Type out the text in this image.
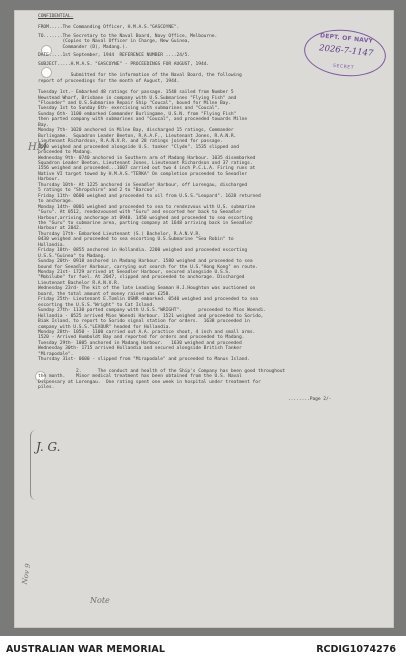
DEPT. OF NAVY
2026-7-1147
SECRET
HM
J. G.
Nov 9
Note

CONFIDENTIAL.

FROM.....The Commanding Officer, H.M.A.S."GASCOYNE".

TO.......The Secretary to the Naval Board, Navy Office, Melbourne.

(Copies to Naval Officer in Charge, New Guinea,

Commander (D), Madang.).

DATE.....1st September, 1944  REFERENCE NUMBER ....24/5.

SUBJECT.....H.M.A.S. "GASCOYNE" - PROCEEDINGS FOR AUGUST, 1944.

Submitted for the information of the Naval Board, the following

report of proceedings for the month of August, 1944.

Tuesday 1st.- Embarked 48 ratings for passage. 1548 sailed from Number 5

Newstead Wharf, Brisbane in company with U.S.Submarines "Flying Fish" and

"Flounder" and U.S.Submarine Repair Ship "Coucal", bound for Milne Bay.

Tuesday 1st to Sunday 6th- exercising with submarines and "Coucal".

Sunday 6th- 1100 embarked Commander Burlingame, U.S.N. from "Flying Fish"

then parted company with submarines and "Coucal", and proceeded towards Milne

Bay.

Monday 7th- 1020 anchored in Milne Bay, discharged 15 ratings, Commander

Burlingame.  Squadron Leader Beeton, R.A.A.F., Lieutenant Jones, R.A.N.R.

Lieutenant Richardson, R.A.N.V.R. and 28 ratings joined for passage.

1500 weighed and proceeded alongside U.S. tanker "Clyde". 1535 slipped and

proceeded to Madang.

Wednesday 9th- 0740 anchored in Southern arm of Madang Harbour. 1035 disembarked

Squadron Leader Beeton, Lieutenant Jones, Lieutenant Richardson and 37 ratings.

1556 weighed and proceeded...1607 carried out two 4 inch P.C.L.A. Firing runs at

Native VI target towed by H.M.A.S."TERKA" On completion proceeded to Seeadler

Harbour.

Thursday 10th- At 1225 anchored in Seeadler Harbour, off Lorengau, discharged

5 ratings to "Shropshire" and 2 to "Barcoo".

Friday 11th- 0600 weighed and proceeded to oil from U.S.S."Leopard". 1628 returned

to anchorage.

Monday 14th- 0001 weighed and proceeded to sea to rendezvous with U.S. submarine

"Guru". At 0512, rendezvoused with "Guru" and escorted her back to Seeadler

Harbour,arriving anchorage at 0940. 1450 weighed and proceeded to sea escorting

the "Guru" to submarine area, parting company at 1648 arriving back in Seeadler

Harbour at 2042.

Thursday 17th- Embarked Lieutenant (S.) Bachelor, R.A.N.V.R.

0430 weighed and proceeded to sea escorting U.S.Submarine "Sea Robin" to

Hollandia.

Friday 18th- 0855 anchored in Hollandia. 2200 weighed and proceeded escorting

U.S.S."Guinea" to Madang.

Sunday 20th- 0918 anchored in Madang Harbour. 1580 weighed and proceeded to sea

bound for Seeadler Harbour, carrying out search for the U.S."Hong Kong" en route.

Monday 21st- 1729 arrived at Seeadler Harbour, secured alongside U.S.S.

"Mobilube" for fuel. At 2047, slipped and proceeded to anchorage. Discharged

Lieutenant Bachelor R.A.N.V.R.

Wednesday 23rd- The kit of the late Leading Seaman H.J.Houghton was auctioned on

board, the total amount of money raised was £258.

Friday 25th- Lieutenant E.Tomlin USNR embarked. 0540 weighed and proceeded to sea

escorting the U.S.S."Wright" to Cat Island.

Sunday 27th- 1130 parted company with U.S.S."WRIGHT".      proceeded to Mios Woendi.

Hollandia - 0525 arrived Mios Woendi Harbour. 1521 weighed and proceeded to Sorido,

Biak Island, to report to Sorido signal station for orders.  1638 proceeded in

company with U.S.S."LEXOUR" headed for Hollandia.

Monday 28th- 1050 - 1100 carried out A.A. practice shoot, 4 inch and small arms.

1520 - Arrived Humboldt Bay and reported for orders and proceeded to Madang.

Tuesday 29th- 1005 anchored in Madang Harbour.   1630 weighed and proceeded

Wednesday 30th- 1715 arrived Hollandia and secured alongside British Tanker

"Mirapodale".

Thursday 31st- 0600 - slipped from "Mirapodale" and proceeded to Manus Island.

2.      The conduct and health of the Ship's Company has been good throughout

the month.    Minor medical treatment has been obtained from the U.S. Naval

Dispensary at Lorengau.  One rating spent one week in hospital under treatment for

piles.

........Page 2/-

AUSTRALIAN WAR MEMORIAL	RCDIG1074276
